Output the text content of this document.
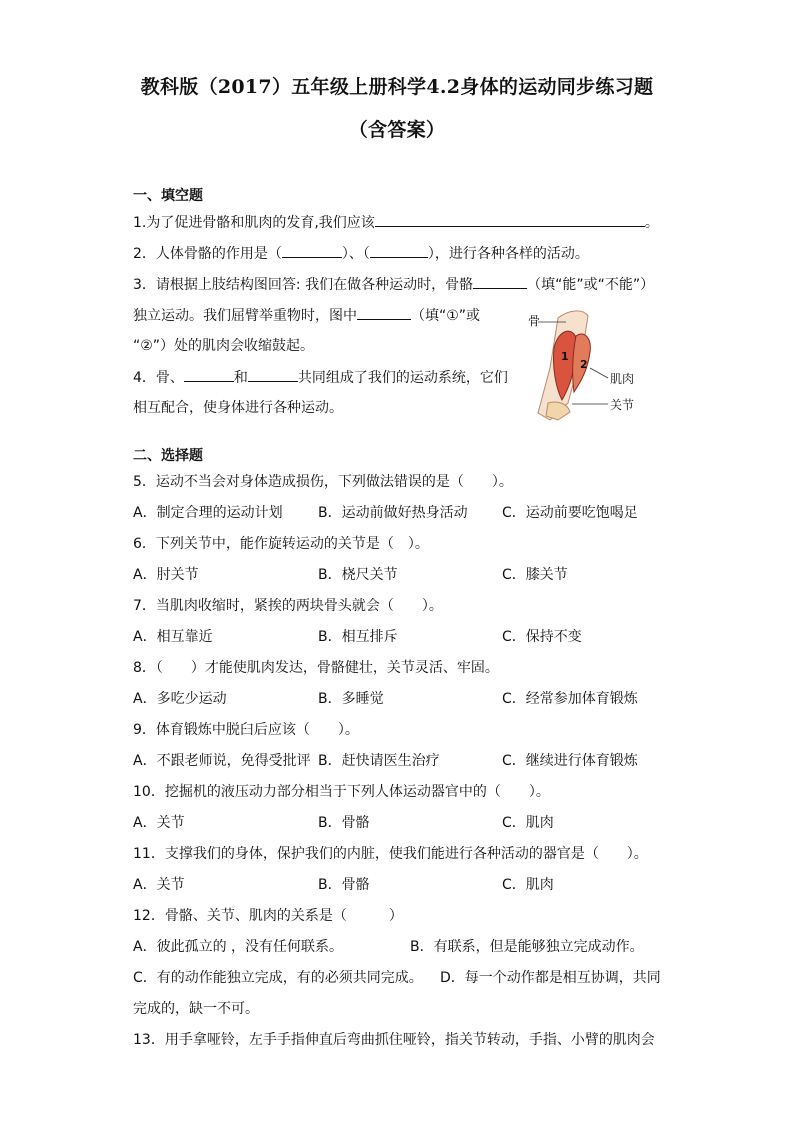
教科版（2017）五年级上册科学4.2身体的运动同步练习题
（含答案）
一、填空题
1.为了促进骨骼和肌肉的发育,我们应该	。
2．人体骨骼的作用是（	）、（	），进行各种各样的活动。
3．请根据上肢结构图回答: 我们在做各种运动时，骨骼	（填“能”或“不能”）
独立运动。我们屈臂举重物时，图中	（填“①”或
“②”）处的肌肉会收缩鼓起。
4．骨、	和	共同组成了我们的运动系统，它们
相互配合，使身体进行各种运动。
骨
肌肉
关节
1
2
二、选择题
5．运动不当会对身体造成损伤，下列做法错误的是（　　）。
A．制定合理的运动计划	B．运动前做好热身活动 C．运动前要吃饱喝足
6．下列关节中，能作旋转运动的关节是（　）。
A．肘关节	B．桡尺关节	C．膝关节
7．当肌肉收缩时，紧挨的两块骨头就会（　　）。
A．相互靠近	B．相互排斥	C．保持不变
8．（　　）才能使肌肉发达，骨骼健壮，关节灵活、牢固。
A．多吃少运动	B．多睡觉	C．经常参加体育锻炼
9．体育锻炼中脱臼后应该（　　）。
A．不跟老师说，免得受批评 B．赶快请医生治疗	C．继续进行体育锻炼
10．挖掘机的液压动力部分相当于下列人体运动器官中的（　　）。
A．关节	B．骨骼	C．肌肉
11．支撑我们的身体，保护我们的内脏，使我们能进行各种活动的器官是（　　）。
A．关节	B．骨骼	C．肌肉
12．骨骼、关节、肌肉的关系是（　　　）
A．彼此孤立的 ，没有任何联系。	B．有联系，但是能够独立完成动作。
C．有的动作能独立完成，有的必须共同完成。 D．每一个动作都是相互协调，共同
完成的，缺一不可。
13．用手拿哑铃，左手手指伸直后弯曲抓住哑铃，指关节转动，手指、小臂的肌肉会
